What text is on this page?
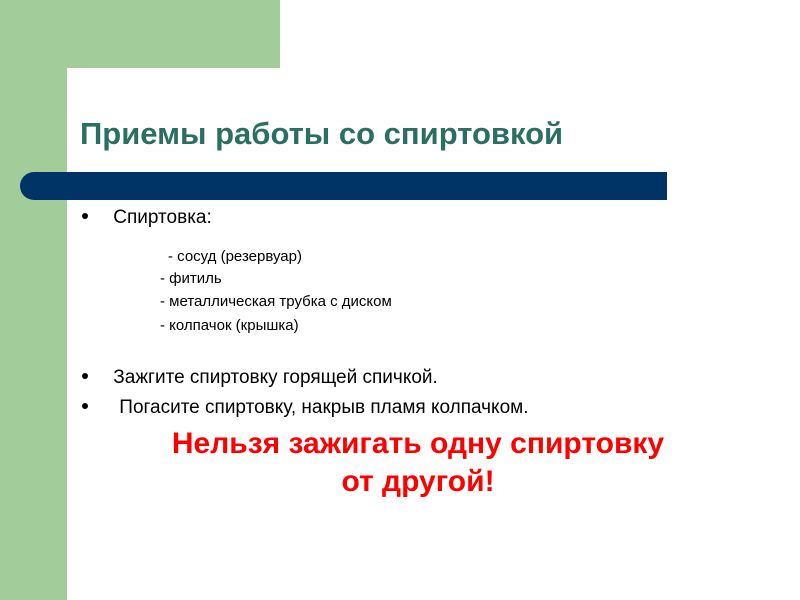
Приемы работы со спиртовкой
Спиртовка:
- сосуд (резервуар)
- фитиль
- металлическая трубка с диском
- колпачок (крышка)
Зажгите спиртовку горящей спичкой.
Погасите спиртовку, накрыв пламя колпачком.
Нельзя зажигать одну спиртовку
от другой!
